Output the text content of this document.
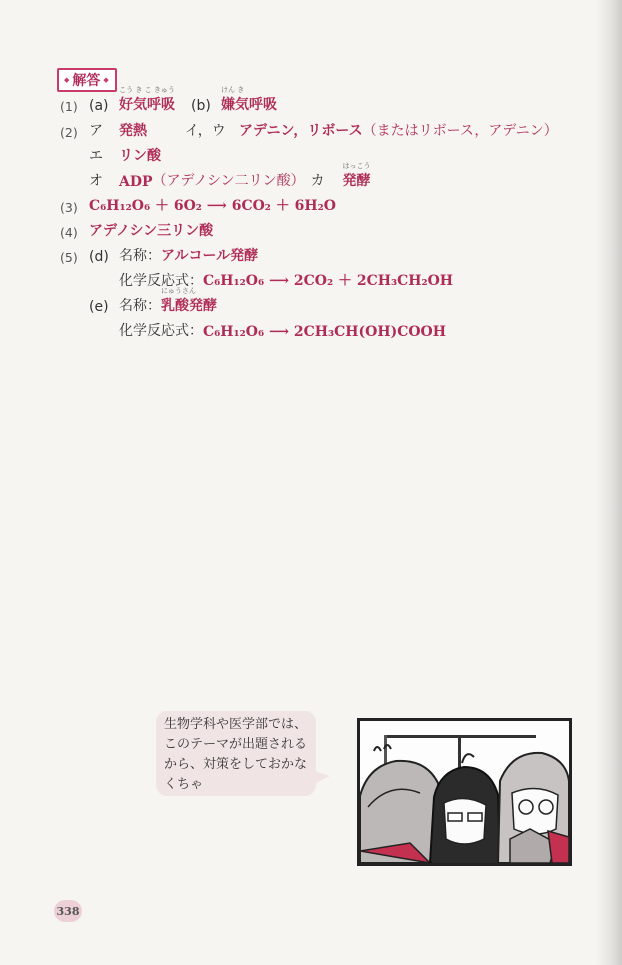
◆ 解答 ◆
(1) (a)
こう き こ きゅう
好気呼吸 (b)
けん き
嫌気呼吸
(2) ア	発熱	イ，ウ アデニン，リボース （またはリボース，アデニン）
エ	リン酸
オ	ADP （アデノシン二リン酸） カ
はっこう
発酵
(3) C₆H₁₂O₆ ＋ 6O₂ ⟶ 6CO₂ ＋ 6H₂O
(4) アデノシン三リン酸
(5) (d) 名称： アルコール発酵
化学反応式： C₆H₁₂O₆ ⟶ 2CO₂ ＋ 2CH₃CH₂OH
(e) 名称：
にゅうさん
乳酸発酵
化学反応式： C₆H₁₂O₆ ⟶ 2CH₃CH(OH)COOH
生物学科や医学部では、このテーマが出題されるから、対策をしておかなくちゃ
338
